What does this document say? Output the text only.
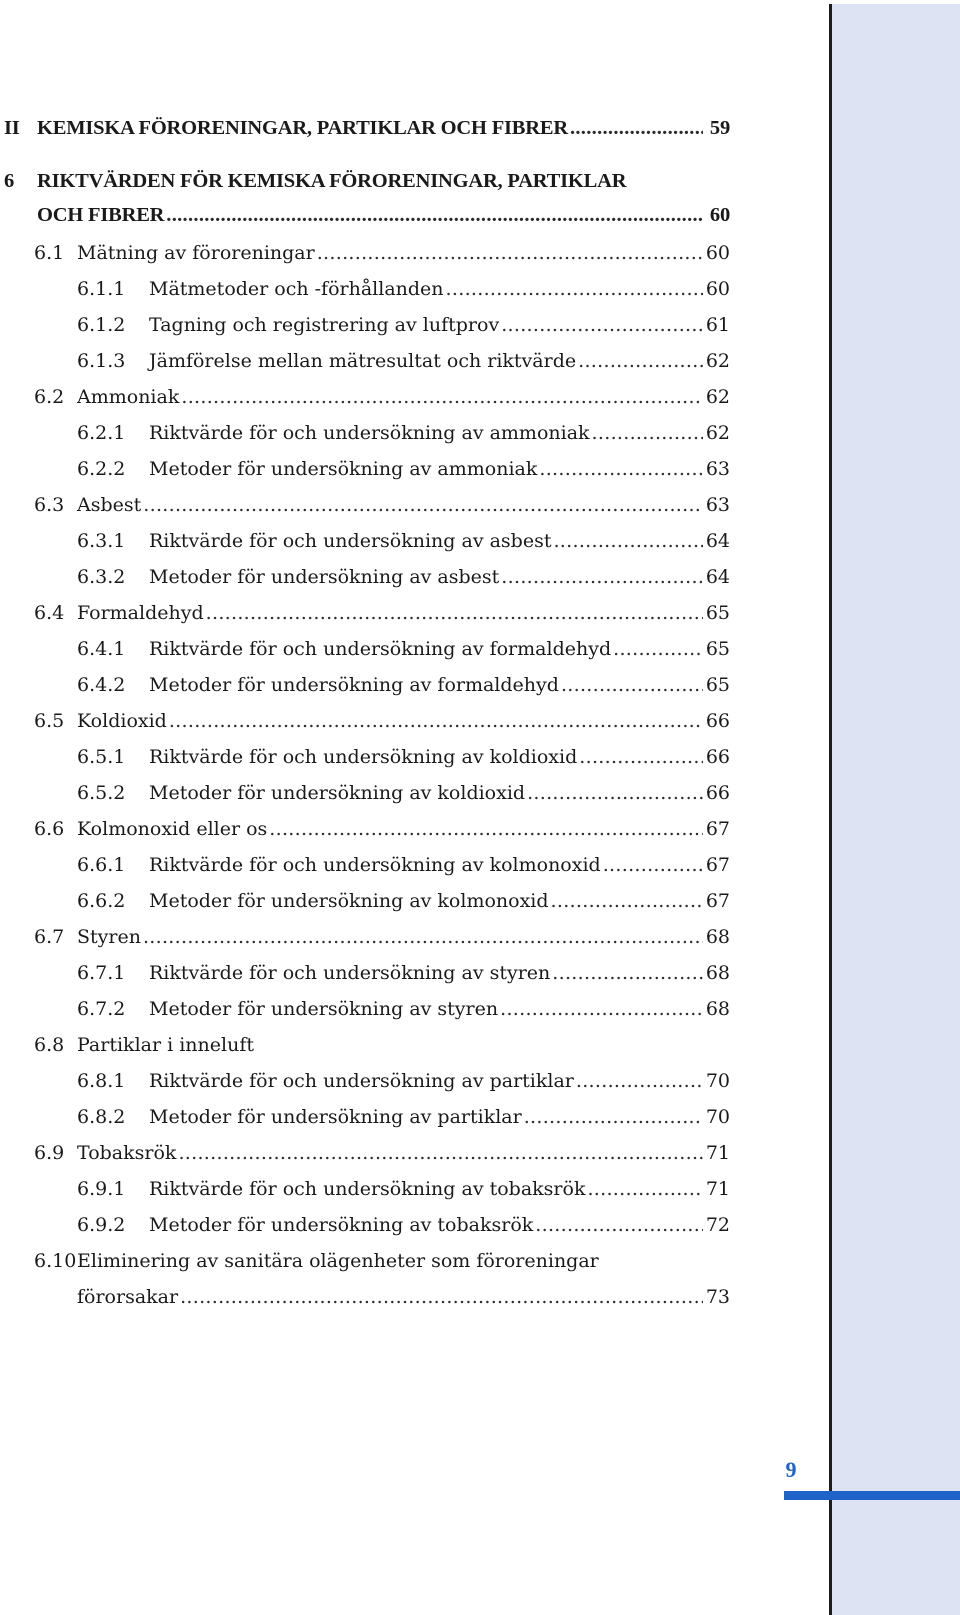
9
II KEMISKA FÖRORENINGAR, PARTIKLAR OCH FIBRER .....	59
6	RIKTVÄRDEN FÖR KEMISKA FÖRORENINGAR, PARTIKLAR
OCH FIBRER .....	60
6.1 Mätning av föroreningar .....	60
6.1.1	Mätmetoder och -förhållanden .....	60
6.1.2	Tagning och registrering av luftprov .....	61
6.1.3	Jämförelse mellan mätresultat och riktvärde .....	62
6.2 Ammoniak .....	62
6.2.1	Riktvärde för och undersökning av ammoniak .....	62
6.2.2	Metoder för undersökning av ammoniak .....	63
6.3 Asbest .....	63
6.3.1	Riktvärde för och undersökning av asbest .....	64
6.3.2	Metoder för undersökning av asbest .....	64
6.4 Formaldehyd .....	65
6.4.1	Riktvärde för och undersökning av formaldehyd .....	65
6.4.2	Metoder för undersökning av formaldehyd .....	65
6.5 Koldioxid .....	66
6.5.1	Riktvärde för och undersökning av koldioxid .....	66
6.5.2	Metoder för undersökning av koldioxid .....	66
6.6 Kolmonoxid eller os .....	67
6.6.1	Riktvärde för och undersökning av kolmonoxid .....	67
6.6.2	Metoder för undersökning av kolmonoxid .....	67
6.7 Styren .....	68
6.7.1	Riktvärde för och undersökning av styren .....	68
6.7.2	Metoder för undersökning av styren .....	68
6.8 Partiklar i inneluft
6.8.1	Riktvärde för och undersökning av partiklar .....	70
6.8.2	Metoder för undersökning av partiklar .....	70
6.9 Tobaksrök .....	71
6.9.1	Riktvärde för och undersökning av tobaksrök .....	71
6.9.2	Metoder för undersökning av tobaksrök .....	72
6.10 Eliminering av sanitära olägenheter som föroreningar
förorsakar .....	73
